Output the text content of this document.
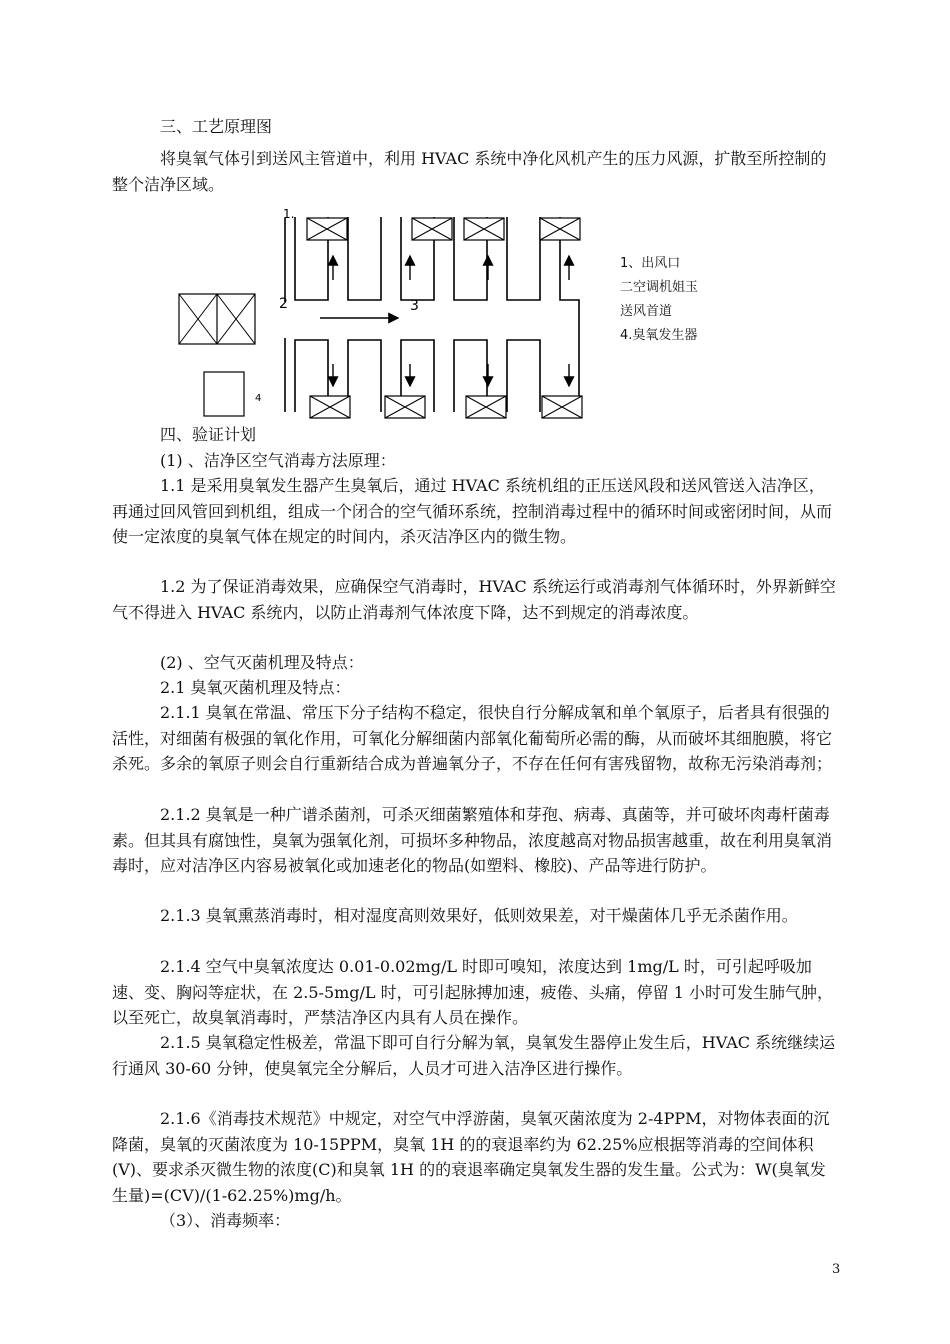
三、工艺原理图

将臭氧气体引到送风主管道中，利用 HVAC 系统中净化风机产生的压力风源，扩散至所控制的整个洁净区域。

1.
2	3
4
1、出风口
二空调机姐玉
送风首道
4.臭氧发生器

四、验证计划

(1) 、洁净区空气消毒方法原理：

1.1 是采用臭氧发生器产生臭氧后，通过 HVAC 系统机组的正压送风段和送风管送入洁净区，再通过回风管回到机组，组成一个闭合的空气循环系统，控制消毒过程中的循环时间或密闭时间，从而使一定浓度的臭氧气体在规定的时间内，杀灭洁净区内的微生物。

1.2 为了保证消毒效果，应确保空气消毒时，HVAC 系统运行或消毒剂气体循环时，外界新鲜空气不得进入 HVAC 系统内，以防止消毒剂气体浓度下降，达不到规定的消毒浓度。

(2) 、空气灭菌机理及特点：

2.1 臭氧灭菌机理及特点：

2.1.1 臭氧在常温、常压下分子结构不稳定，很快自行分解成氧和单个氧原子，后者具有很强的活性，对细菌有极强的氧化作用，可氧化分解细菌内部氧化葡萄所必需的酶，从而破坏其细胞膜，将它杀死。多余的氧原子则会自行重新结合成为普遍氧分子，不存在任何有害残留物，故称无污染消毒剂；

2.1.2 臭氧是一种广谱杀菌剂，可杀灭细菌繁殖体和芽孢、病毒、真菌等，并可破坏肉毒杆菌毒素。但其具有腐蚀性，臭氧为强氧化剂，可损坏多种物品，浓度越高对物品损害越重，故在利用臭氧消毒时，应对洁净区内容易被氧化或加速老化的物品(如塑料、橡胶)、产品等进行防护。

2.1.3 臭氧熏蒸消毒时，相对湿度高则效果好，低则效果差，对干燥菌体几乎无杀菌作用。

2.1.4 空气中臭氧浓度达 0.01-0.02mg/L 时即可嗅知，浓度达到 1mg/L 时，可引起呼吸加速、变、胸闷等症状，在 2.5-5mg/L 时，可引起脉搏加速，疲倦、头痛，停留 1 小时可发生肺气肿，以至死亡，故臭氧消毒时，严禁洁净区内具有人员在操作。

2.1.5 臭氧稳定性极差，常温下即可自行分解为氧，臭氧发生器停止发生后，HVAC 系统继续运行通风 30-60 分钟，使臭氧完全分解后，人员才可进入洁净区进行操作。

2.1.6《消毒技术规范》中规定，对空气中浮游菌，臭氧灭菌浓度为 2-4PPM，对物体表面的沉降菌，臭氧的灭菌浓度为 10-15PPM，臭氧 1H 的的衰退率约为 62.25%应根据等消毒的空间体积(V)、要求杀灭微生物的浓度(C)和臭氧 1H 的的衰退率确定臭氧发生器的发生量。公式为：W(臭氧发生量)=(CV)/(1-62.25%)mg/h。

（3）、消毒频率：

3
